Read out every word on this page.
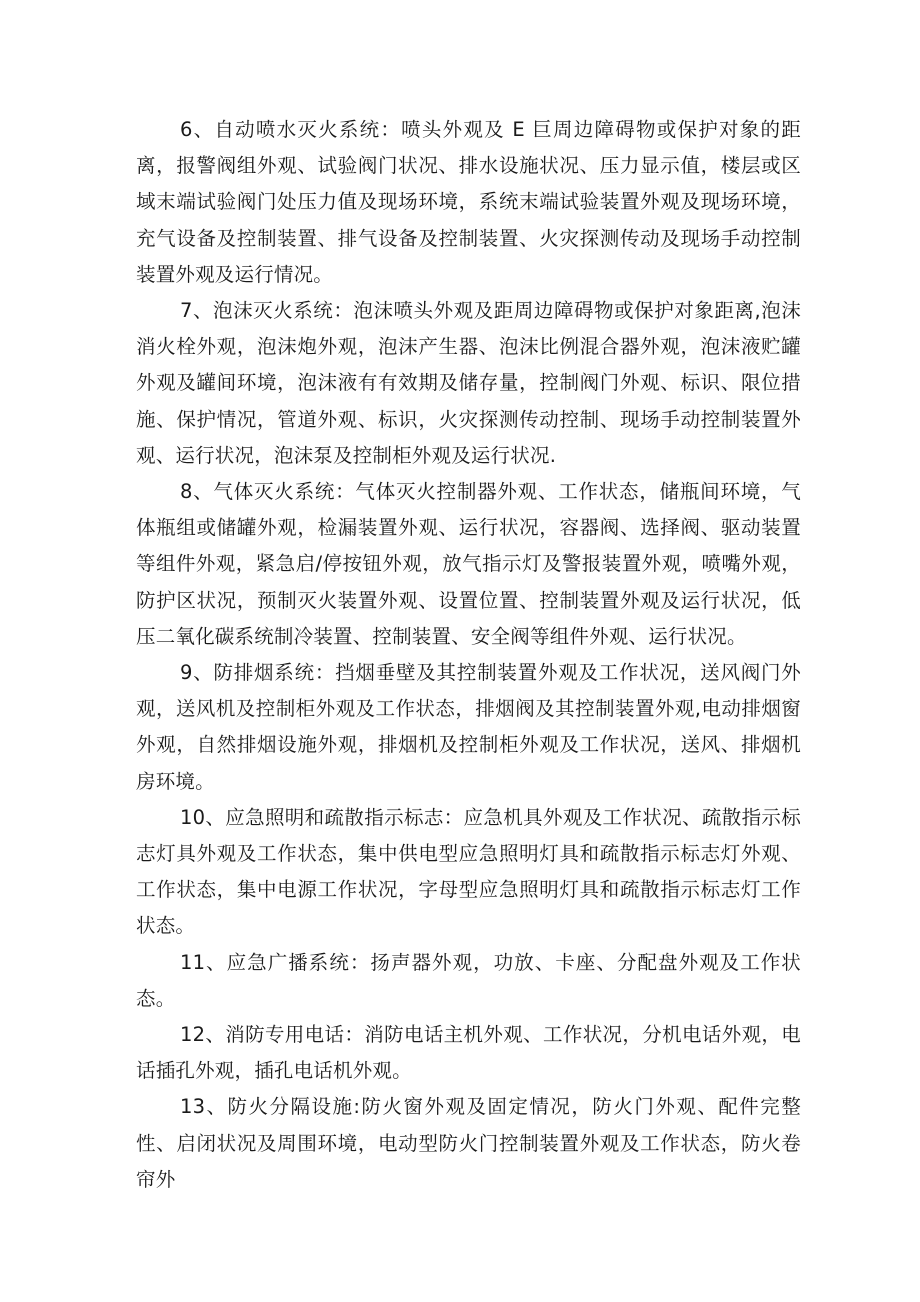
6、自动喷水灭火系统：喷头外观及 E 巨周边障碍物或保护对象的距离，报警阀组外观、试验阀门状况、排水设施状况、压力显示值，楼层或区域末端试验阀门处压力值及现场环境，系统末端试验装置外观及现场环境，充气设备及控制装置、排气设备及控制装置、火灾探测传动及现场手动控制装置外观及运行情况。

7、泡沫灭火系统：泡沫喷头外观及距周边障碍物或保护对象距离,泡沫消火栓外观，泡沫炮外观，泡沫产生器、泡沫比例混合器外观，泡沫液贮罐外观及罐间环境，泡沫液有有效期及储存量，控制阀门外观、标识、限位措施、保护情况，管道外观、标识，火灾探测传动控制、现场手动控制装置外观、运行状况，泡沫泵及控制柜外观及运行状况.

8、气体灭火系统：气体灭火控制器外观、工作状态，储瓶间环境，气体瓶组或储罐外观，检漏装置外观、运行状况，容器阀、选择阀、驱动装置等组件外观，紧急启/停按钮外观，放气指示灯及警报装置外观，喷嘴外观，防护区状况，预制灭火装置外观、设置位置、控制装置外观及运行状况，低压二氧化碳系统制冷装置、控制装置、安全阀等组件外观、运行状况。

9、防排烟系统：挡烟垂壁及其控制装置外观及工作状况，送风阀门外观，送风机及控制柜外观及工作状态，排烟阀及其控制装置外观,电动排烟窗外观，自然排烟设施外观，排烟机及控制柜外观及工作状况，送风、排烟机房环境。

10、应急照明和疏散指示标志：应急机具外观及工作状况、疏散指示标志灯具外观及工作状态，集中供电型应急照明灯具和疏散指示标志灯外观、工作状态，集中电源工作状况，字母型应急照明灯具和疏散指示标志灯工作状态。

11、应急广播系统：扬声器外观，功放、卡座、分配盘外观及工作状态。

12、消防专用电话：消防电话主机外观、工作状况，分机电话外观，电话插孔外观，插孔电话机外观。

13、防火分隔设施:防火窗外观及固定情况，防火门外观、配件完整性、启闭状况及周围环境，电动型防火门控制装置外观及工作状态，防火卷帘外
